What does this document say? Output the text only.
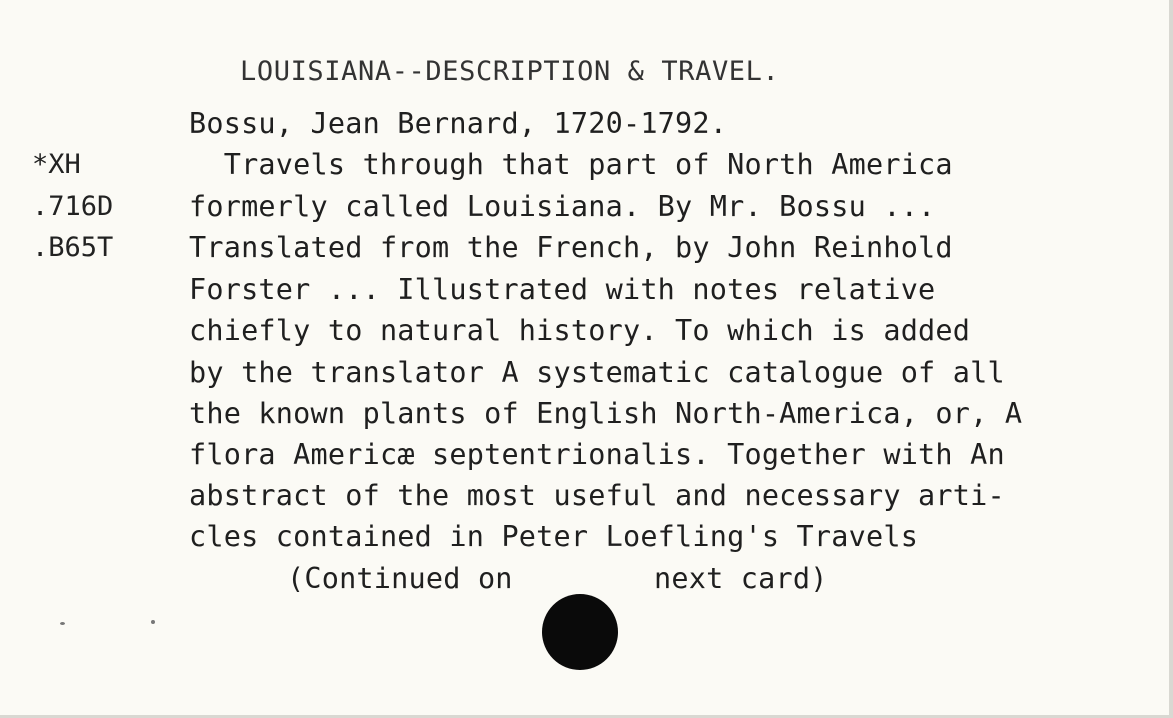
LOUISIANA--DESCRIPTION & TRAVEL.
Bossu, Jean Bernard, 1720-1792.
*XH
.716D
.B65T
Travels through that part of North America
formerly called Louisiana. By Mr. Bossu ...
Translated from the French, by John Reinhold
Forster ... Illustrated with notes relative
chiefly to natural history. To which is added
by the translator A systematic catalogue of all
the known plants of English North-America, or, A
flora Americæ septentrionalis. Together with An
abstract of the most useful and necessary arti-
cles contained in Peter Loefling's Travels
(Continued on	next card)
